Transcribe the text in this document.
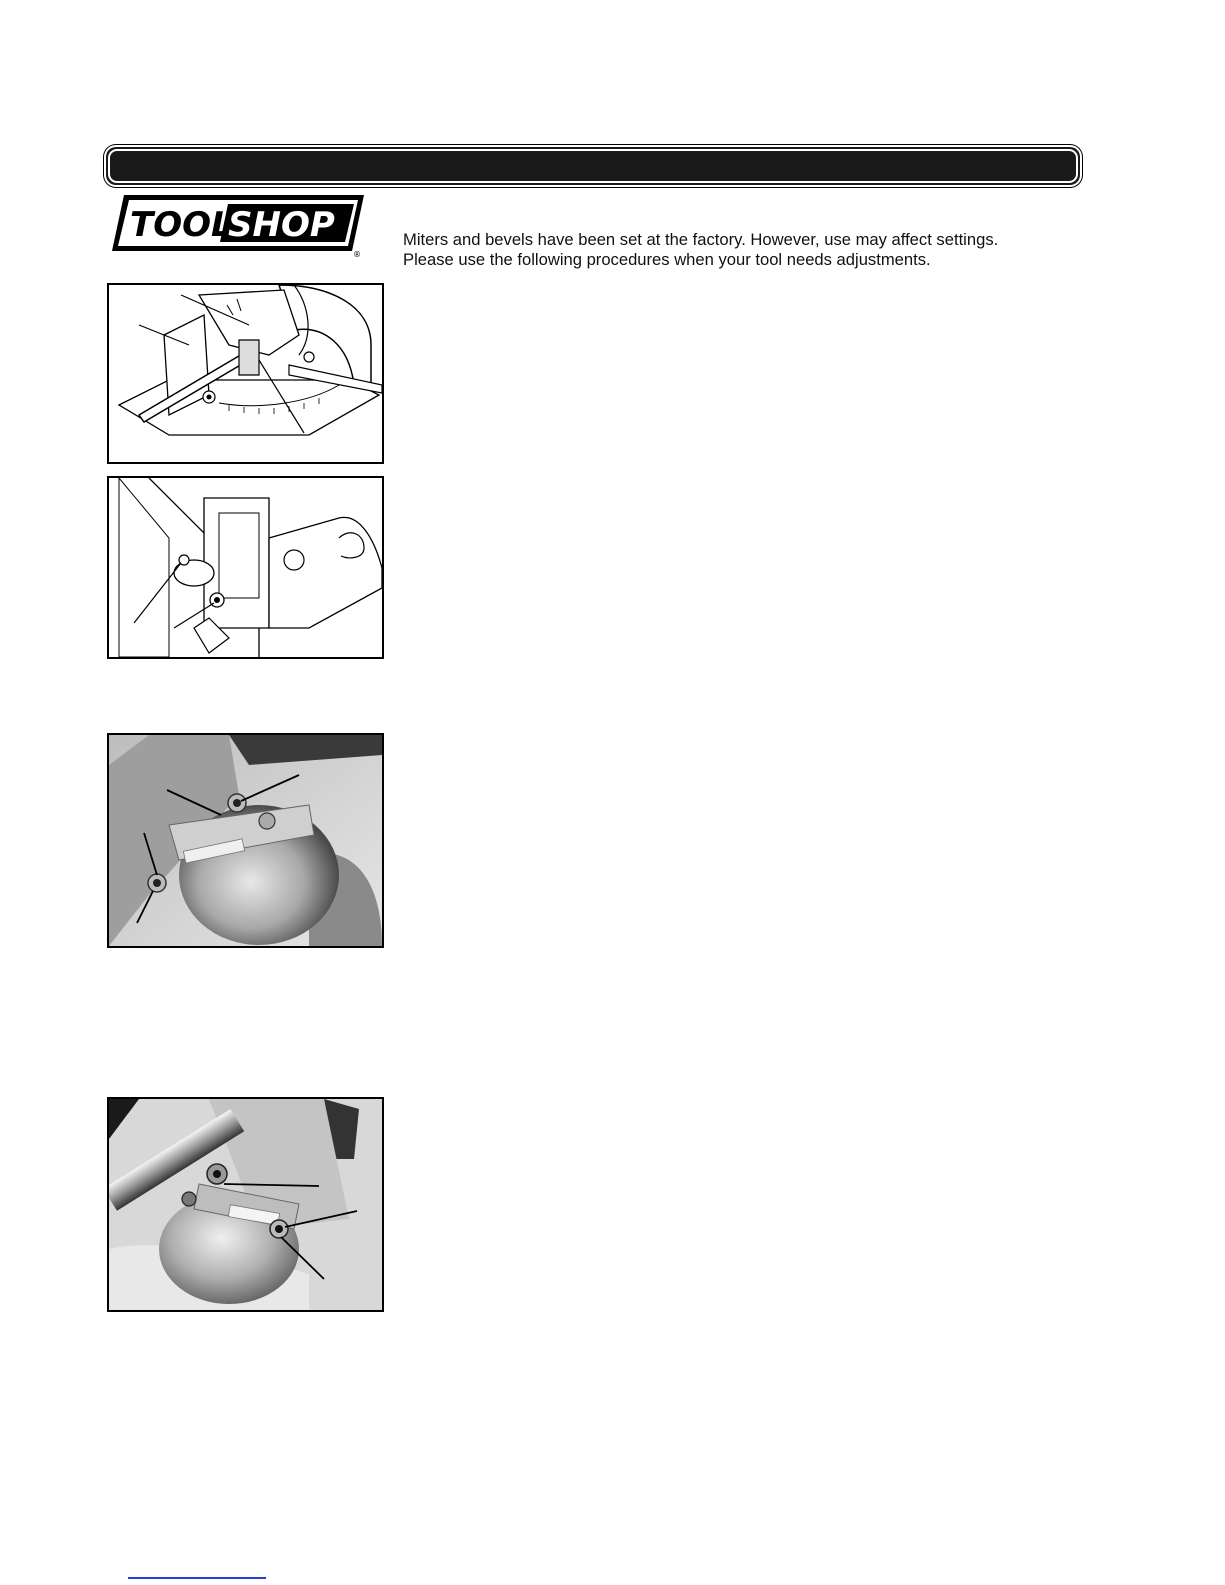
TOOL
SHOP
®

Miters and bevels have been set at the factory. However, use may affect settings.

Please use the following procedures when your tool needs adjustments.
